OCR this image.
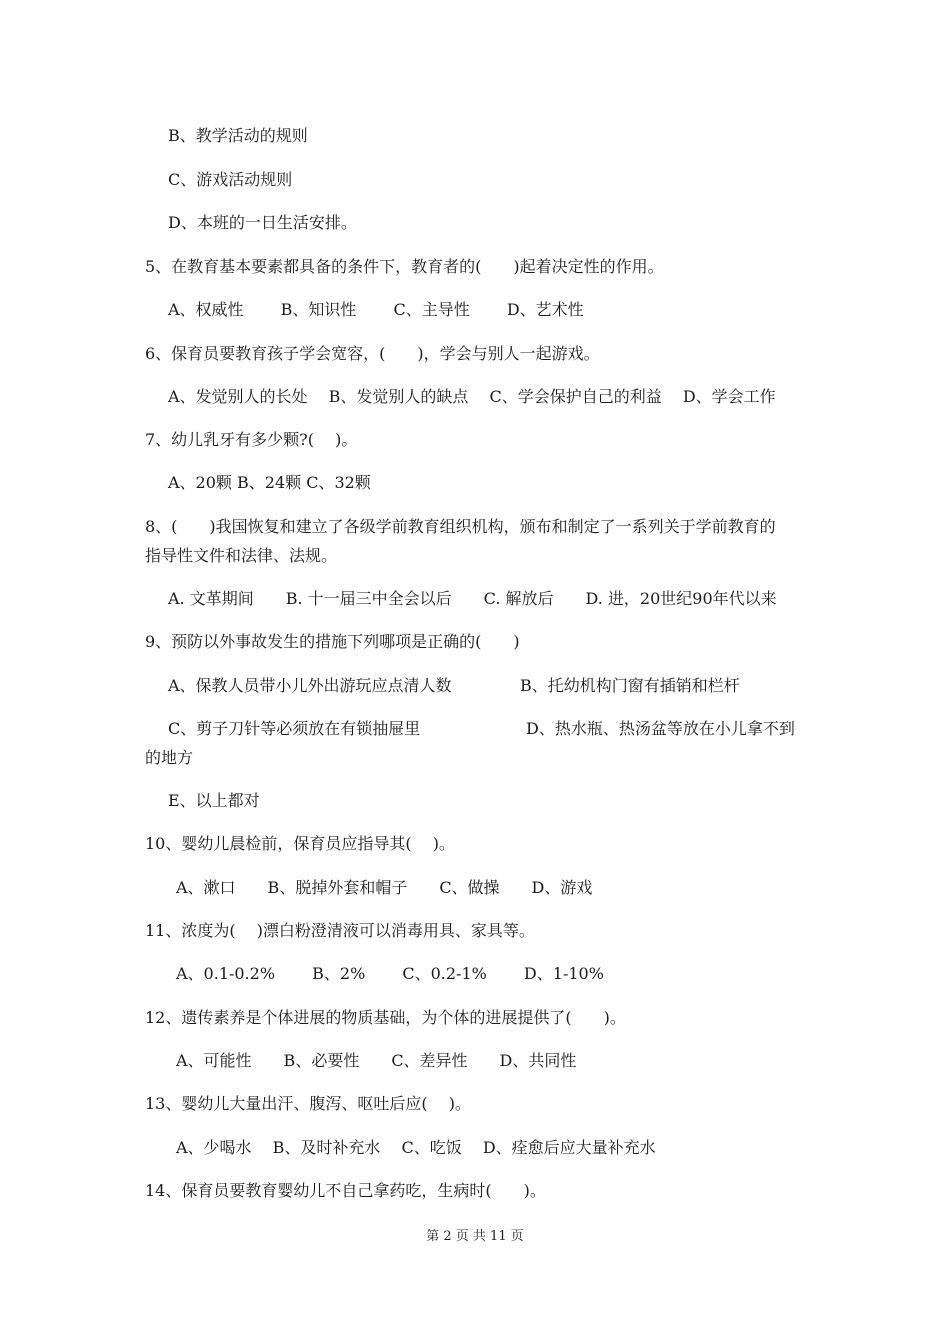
B、教学活动的规则
C、游戏活动规则
D、本班的一日生活安排。
5、在教育基本要素都具备的条件下，教育者的(　　)起着决定性的作用。
A、权威性　　 B、知识性　　 C、主导性　　 D、艺术性
6、保育员要教育孩子学会宽容，(　　)，学会与别人一起游戏。
A、发觉别人的长处　 B、发觉别人的缺点　 C、学会保护自己的利益　 D、学会工作
7、幼儿乳牙有多少颗?(　 )。
A、20颗 B、24颗 C、32颗
8、(　　)我国恢复和建立了各级学前教育组织机构，颁布和制定了一系列关于学前教育的
指导性文件和法律、法规。
A. 文革期间　　B. 十一届三中全会以后　　C. 解放后　　D. 进，20世纪90年代以来
9、预防以外事故发生的措施下列哪项是正确的(　　)
A、保教人员带小儿外出游玩应点清人数	B、托幼机构门窗有插销和栏杆
C、剪子刀针等必须放在有锁抽屉里	D、热水瓶、热汤盆等放在小儿拿不到
的地方
E、以上都对
10、婴幼儿晨检前，保育员应指导其(　 )。
A、漱口　　B、脱掉外套和帽子　　C、做操　　D、游戏
11、浓度为(　 )漂白粉澄清液可以消毒用具、家具等。
A、0.1-0.2%　　 B、2%　　 C、0.2-1%　　 D、1-10%
12、遗传素养是个体进展的物质基础，为个体的进展提供了(　　)。
A、可能性　　B、必要性　　C、差异性　　D、共同性
13、婴幼儿大量出汗、腹泻、呕吐后应(　 )。
A、少喝水　 B、及时补充水　 C、吃饭　 D、痊愈后应大量补充水
14、保育员要教育婴幼儿不自己拿药吃，生病时(　　)。
第 2 页 共 11 页
